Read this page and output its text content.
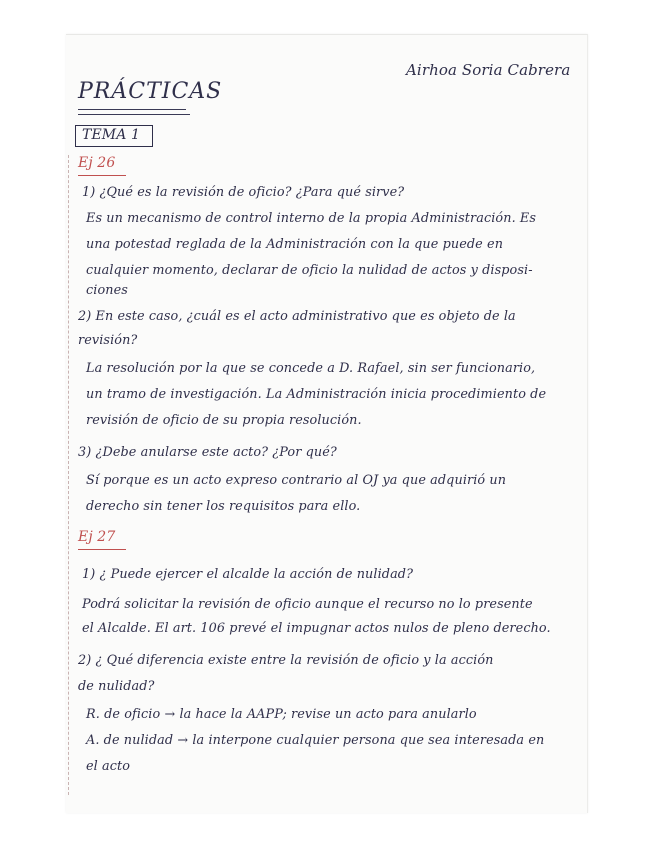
Airhoa Soria Cabrera
PRÁCTICAS
TEMA 1
Ej 26
1) ¿Qué es la revisión de oficio? ¿Para qué sirve?
Es un mecanismo de control interno de la propia Administración. Es
una potestad reglada de la Administración con la que puede en
cualquier momento, declarar de oficio la nulidad de actos y disposi-
ciones
2) En este caso, ¿cuál es el acto administrativo que es objeto de la
revisión?
La resolución por la que se concede a D. Rafael, sin ser funcionario,
un tramo de investigación. La Administración inicia procedimiento de
revisión de oficio de su propia resolución.
3) ¿Debe anularse este acto? ¿Por qué?
Sí porque es un acto expreso contrario al OJ ya que adquirió un
derecho sin tener los requisitos para ello.
Ej 27
1) ¿ Puede ejercer el alcalde la acción de nulidad?
Podrá solicitar la revisión de oficio aunque el recurso no lo presente
el Alcalde. El art. 106 prevé el impugnar actos nulos de pleno derecho.
2) ¿ Qué diferencia existe entre la revisión de oficio y la acción
de nulidad?
R. de oficio → la hace la AAPP; revise un acto para anularlo
A. de nulidad → la interpone cualquier persona que sea interesada en
el acto
